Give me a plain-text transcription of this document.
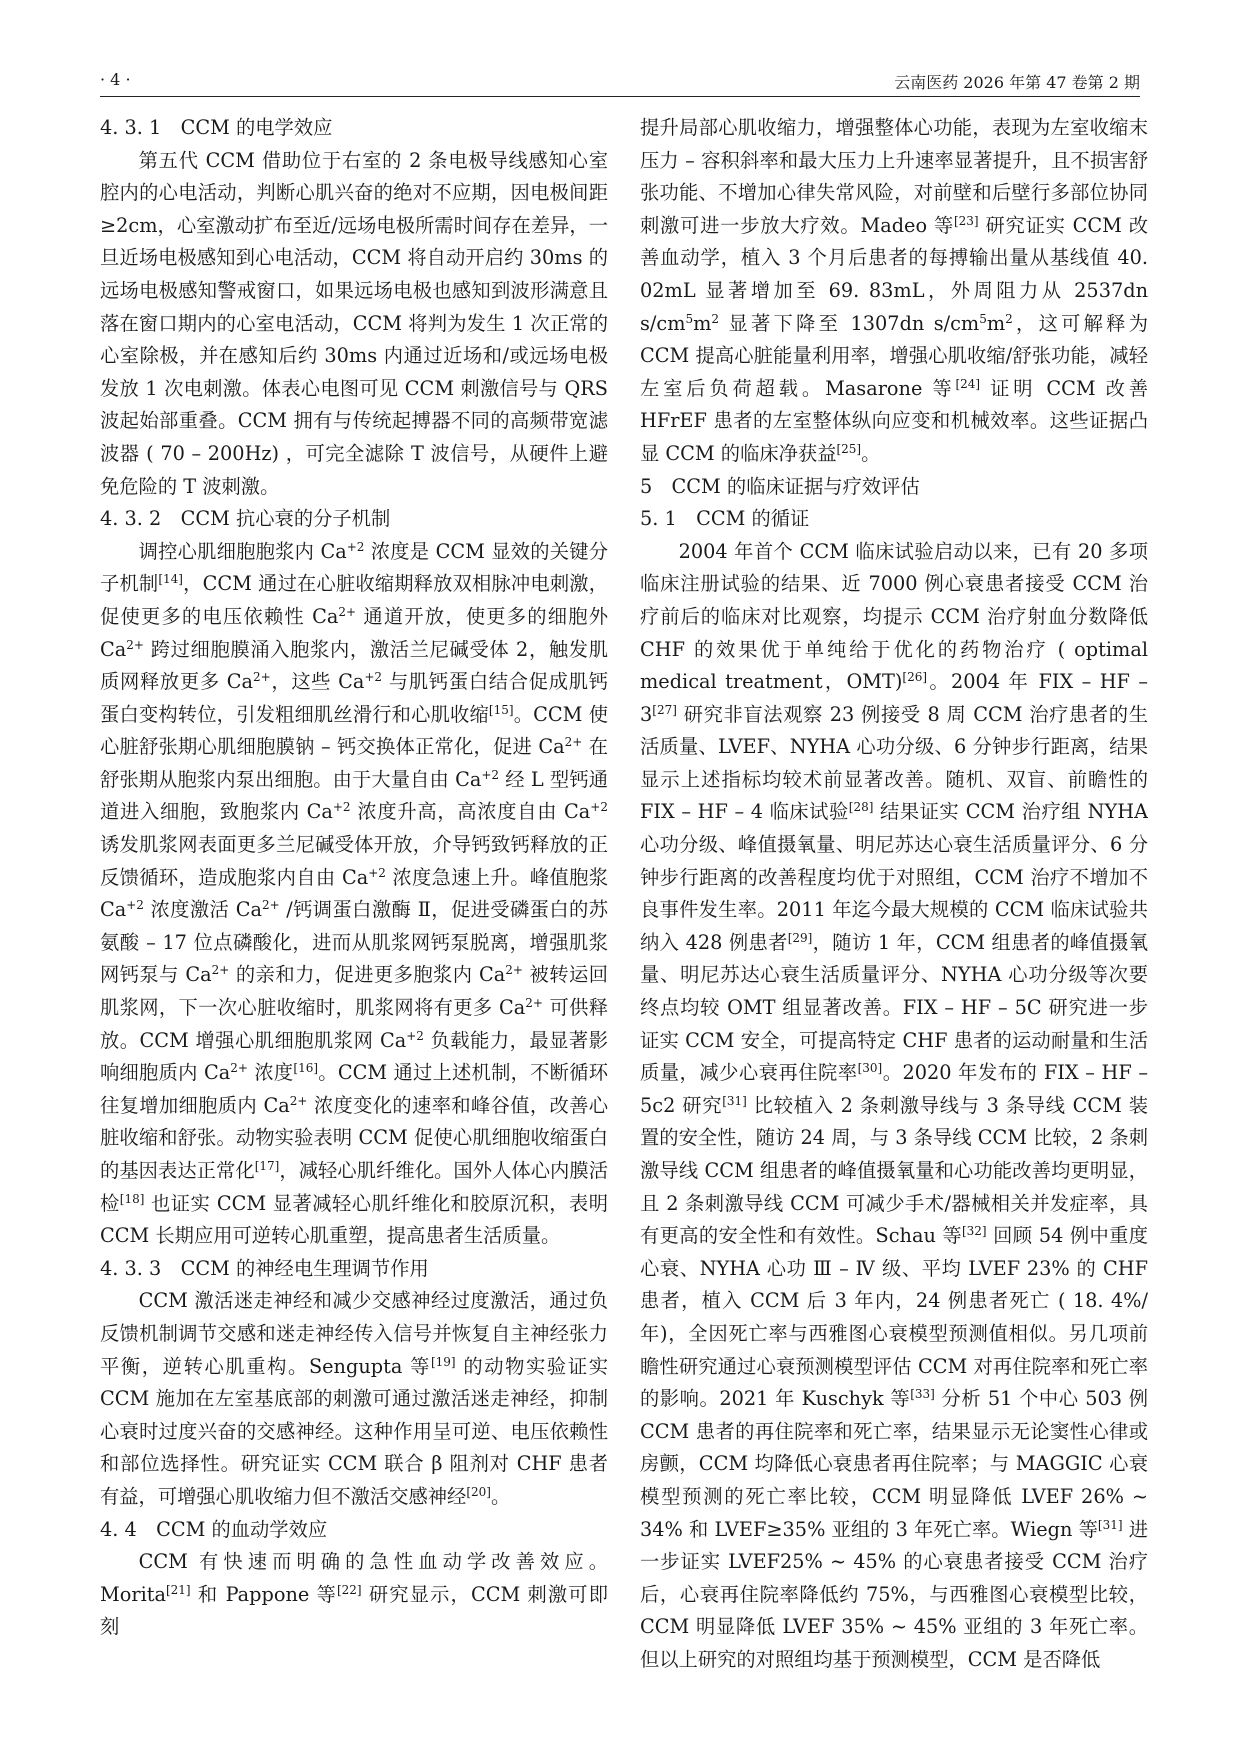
· 4 ·	云南医药 2026 年第 47 卷第 2 期
4. 3. 1　CCM 的电学效应

第五代 CCM 借助位于右室的 2 条电极导线感知心室腔内的心电活动，判断心肌兴奋的绝对不应期，因电极间距≥2cm，心室激动扩布至近/远场电极所需时间存在差异，一旦近场电极感知到心电活动，CCM 将自动开启约 30ms 的远场电极感知警戒窗口，如果远场电极也感知到波形满意且落在窗口期内的心室电活动，CCM 将判为发生 1 次正常的心室除极，并在感知后约 30ms 内通过近场和/或远场电极发放 1 次电刺激。体表心电图可见 CCM 刺激信号与 QRS 波起始部重叠。CCM 拥有与传统起搏器不同的高频带宽滤波器 ( 70 – 200Hz) ，可完全滤除 T 波信号，从硬件上避免危险的 T 波刺激。

4. 3. 2　CCM 抗心衰的分子机制

调控心肌细胞胞浆内 $Ca^{+2}$ 浓度是 CCM 显效的关键分子机制[14]，CCM 通过在心脏收缩期释放双相脉冲电刺激，促使更多的电压依赖性 $Ca^{2+}$ 通道开放，使更多的细胞外 $Ca^{2+}$ 跨过细胞膜涌入胞浆内，激活兰尼碱受体 2，触发肌质网释放更多 $Ca^{2+}$，这些 $Ca^{+2}$ 与肌钙蛋白结合促成肌钙蛋白变构转位，引发粗细肌丝滑行和心肌收缩[15]。CCM 使心脏舒张期心肌细胞膜钠 – 钙交换体正常化，促进 $Ca^{2+}$ 在舒张期从胞浆内泵出细胞。由于大量自由 $Ca^{+2}$ 经 L 型钙通道进入细胞，致胞浆内 $Ca^{+2}$ 浓度升高，高浓度自由 $Ca^{+2}$ 诱发肌浆网表面更多兰尼碱受体开放，介导钙致钙释放的正反馈循环，造成胞浆内自由 $Ca^{+2}$ 浓度急速上升。峰值胞浆 $Ca^{+2}$ 浓度激活 $Ca^{2+}$ /钙调蛋白激酶 Ⅱ，促进受磷蛋白的苏氨酸 – 17 位点磷酸化，进而从肌浆网钙泵脱离，增强肌浆网钙泵与 $Ca^{2+}$ 的亲和力，促进更多胞浆内 $Ca^{2+}$ 被转运回肌浆网，下一次心脏收缩时，肌浆网将有更多 $Ca^{2+}$ 可供释放。CCM 增强心肌细胞肌浆网 $Ca^{+2}$ 负载能力，最显著影响细胞质内 $Ca^{2+}$ 浓度[16]。CCM 通过上述机制，不断循环往复增加细胞质内 $Ca^{2+}$ 浓度变化的速率和峰谷值，改善心脏收缩和舒张。动物实验表明 CCM 促使心肌细胞收缩蛋白的基因表达正常化[17]，减轻心肌纤维化。国外人体心内膜活检[18] 也证实 CCM 显著减轻心肌纤维化和胶原沉积，表明 CCM 长期应用可逆转心肌重塑，提高患者生活质量。

4. 3. 3　CCM 的神经电生理调节作用

CCM 激活迷走神经和减少交感神经过度激活，通过负反馈机制调节交感和迷走神经传入信号并恢复自主神经张力平衡，逆转心肌重构。Sengupta 等[19] 的动物实验证实 CCM 施加在左室基底部的刺激可通过激活迷走神经，抑制心衰时过度兴奋的交感神经。这种作用呈可逆、电压依赖性和部位选择性。研究证实 CCM 联合 β 阻剂对 CHF 患者有益，可增强心肌收缩力但不激活交感神经[20]。

4. 4　CCM 的血动学效应

CCM 有快速而明确的急性血动学改善效应。Morita[21] 和 Pappone 等[22] 研究显示，CCM 刺激可即刻

提升局部心肌收缩力，增强整体心功能，表现为左室收缩末压力 – 容积斜率和最大压力上升速率显著提升，且不损害舒张功能、不增加心律失常风险，对前壁和后壁行多部位协同刺激可进一步放大疗效。Madeo 等[23] 研究证实 CCM 改善血动学，植入 3 个月后患者的每搏输出量从基线值 40. 02mL 显著增加至 69. 83mL，外周阻力从 2537dn $s/cm^5m^2$ 显著下降至 1307dn $s/cm^5m^2$，这可解释为 CCM 提高心脏能量利用率，增强心肌收缩/舒张功能，减轻左室后负荷超载。Masarone 等[24] 证明 CCM 改善 HFrEF 患者的左室整体纵向应变和机械效率。这些证据凸显 CCM 的临床净获益[25]。

5　CCM 的临床证据与疗效评估
5. 1　CCM 的循证

2004 年首个 CCM 临床试验启动以来，已有 20 多项临床注册试验的结果、近 7000 例心衰患者接受 CCM 治疗前后的临床对比观察，均提示 CCM 治疗射血分数降低 CHF 的效果优于单纯给于优化的药物治疗 ( optimal medical treatment，OMT)[26]。2004 年 FIX – HF – 3[27] 研究非盲法观察 23 例接受 8 周 CCM 治疗患者的生活质量、LVEF、NYHA 心功分级、6 分钟步行距离，结果显示上述指标均较术前显著改善。随机、双盲、前瞻性的 FIX – HF – 4 临床试验[28] 结果证实 CCM 治疗组 NYHA 心功分级、峰值摄氧量、明尼苏达心衰生活质量评分、6 分钟步行距离的改善程度均优于对照组，CCM 治疗不增加不良事件发生率。2011 年迄今最大规模的 CCM 临床试验共纳入 428 例患者[29]，随访 1 年，CCM 组患者的峰值摄氧量、明尼苏达心衰生活质量评分、NYHA 心功分级等次要终点均较 OMT 组显著改善。FIX – HF – 5C 研究进一步证实 CCM 安全，可提高特定 CHF 患者的运动耐量和生活质量，减少心衰再住院率[30]。2020 年发布的 FIX – HF – 5c2 研究[31] 比较植入 2 条刺激导线与 3 条导线 CCM 装置的安全性，随访 24 周，与 3 条导线 CCM 比较，2 条刺激导线 CCM 组患者的峰值摄氧量和心功能改善均更明显，且 2 条刺激导线 CCM 可减少手术/器械相关并发症率，具有更高的安全性和有效性。Schau 等[32] 回顾 54 例中重度心衰、NYHA 心功 Ⅲ – Ⅳ 级、平均 LVEF 23% 的 CHF 患者，植入 CCM 后 3 年内，24 例患者死亡 ( 18. 4%/年)，全因死亡率与西雅图心衰模型预测值相似。另几项前瞻性研究通过心衰预测模型评估 CCM 对再住院率和死亡率的影响。2021 年 Kuschyk 等[33] 分析 51 个中心 503 例 CCM 患者的再住院率和死亡率，结果显示无论窦性心律或房颤，CCM 均降低心衰患者再住院率；与 MAGGIC 心衰模型预测的死亡率比较，CCM 明显降低 LVEF 26% ~ 34% 和 LVEF≥35% 亚组的 3 年死亡率。Wiegn 等[31] 进一步证实 LVEF25% ~ 45% 的心衰患者接受 CCM 治疗后，心衰再住院率降低约 75%，与西雅图心衰模型比较，CCM 明显降低 LVEF 35% ~ 45% 亚组的 3 年死亡率。但以上研究的对照组均基于预测模型，CCM 是否降低
